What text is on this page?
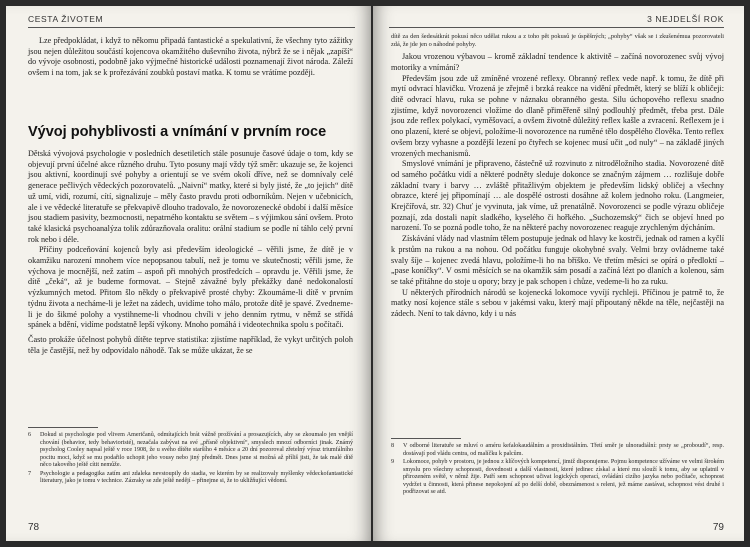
CESTA ŽIVOTEM

Lze předpokládat, i když to někomu připadá fantastické a spekulativní, že všechny tyto zážitky jsou nejen důležitou součástí kojencova okamžitého duševního života, nýbrž že se i nějak „zapíší“ do vývoje osobnosti, podobně jako výjmečné historické události poznamenají život národa. Záleží ovšem i na tom, jak se k prořezávání zoubků postaví matka. K tomu se vrátíme později.

Vývoj pohyblivosti a vnímání v prvním roce

Dětská vývojová psychologie v posledních desetiletích stále posunuje časové údaje o tom, kdy se objevují první účelné akce různého druhu. Tyto posuny mají vždy týž směr: ukazuje se, že kojenci jsou aktivní, koordinují své pohyby a orientují se ve svém okolí dříve, než se domnívaly celé generace pečlivých vědeckých pozorovatelů. „Naivní“ matky, které si byly jisté, že „to jejich“ dítě už umí, vidí, rozumí, cítí, signalizuje – měly často pravdu proti odborníkům. Nejen v učebnicích, ale i ve vědecké literatuře se překvapivě dlouho tradovalo, že novorozenecké období i další měsíce jsou stadiem pasivity, bezmocnosti, nepatrného kontaktu se světem – s výjimkou sání ovšem. Proto také klasická psychoanalýza tolik zdůrazňovala oralitu: orální stadium se podle ní táhlo celý první rok nebo i déle.

Příčiny podceňování kojenců byly asi především ideologické – věřili jsme, že dítě je v okamžiku narození mnohem více nepopsanou tabulí, než je tomu ve skutečnosti; věřili jsme, že výchova je mocnější, než zatím – aspoň při mnohých prostředcích – opravdu je. Věřili jsme, že dítě „čeká“, až je budeme formovat. – Stejně závažné byly překážky dané nedokonalostí výzkumných metod. Přitom šlo někdy o překvapivě prosté chyby: Zkoumáme-li dítě v prvním týdnu života a necháme-li je ležet na zádech, uvidíme toho málo, protože dítě je spavé. Zvedneme-li je do šikmé polohy a vystihneme-li vhodnou chvíli v jeho denním rytmu, v němž se střídá spánek a bdění, vidíme podstatně lepší výkony. Mnoho pomáhá i videotechnika spolu s počítači.

Často prokáže účelnost pohybů dítěte teprve statistika: zjistíme například, že vykyt určitých poloh těla je častější, než by odpovídalo náhodě. Tak se může ukázat, že se

6	Dokud si psychologie pod vlivem Američanů, odmítajících brát vážně prožívání a prosazujících, aby se zkoumalo jen vnější chování (behavior, tedy behavioristé), nezačala zabývat na své „přísně objektivní“, smyslech mnozí odborníci jinak. Známý psycholog Cooley napsal ještě v roce 1908, že u svého dítěte staršího 4 měsíce a 20 dní pozoroval zřetelný výraz triumfálního pocitu moci, když se mu podařilo uchopit jeho vousy nebo jiný předmět. Dnes jsme si možná až příliš jisti, že tak malé dítě něco takového ještě cítit nemůže.
7	Psychologie a pedagogika zatím ani zdaleka nevstoupily do stadia, ve kterém by se realizovaly myšlenky vědeckofantastické literatury, jako je tomu v technice. Zázraky se zde ještě nedějí – přinejme si, že to ukližňující vědomí.
78
3 NEJDELŠÍ ROK

dítě za den šedesátkrát pokusí něco udělat rukou a z toho pět pokusů je úspěšných; „pohyby“ však se i zkušenémua pozorovateli zdá, že jde jen o náhodné pohyby.

Jakou vrozenou výbavou – kromě základní tendence k aktivitě – začíná novorozenec svůj vývoj motoriky a vnímání?

Především jsou zde už zmíněné vrozené reflexy. Obranný reflex vede např. k tomu, že dítě při mytí odvrací hlavičku. Vrozená je zřejmě i brzká reakce na vidění předmět, který se blíží k obličeji: dítě odvrací hlavu, ruka se pohne v náznaku obranného gesta. Silu úchopového reflexu snadno zjistíme, když novorozenci vložíme do dlaně přiměřeně silný podlouhlý předmět, třeba prst. Dále jsou zde reflex polykací, vyměšovací, a ovšem životně důležitý reflex kašle a zvracení. Reflexem je i ono plazení, které se objeví, položíme-li novorozence na ruměné tělo dospělého člověka. Tento reflex ovšem brzy vyhasne a pozdější lezení po čtyřech se kojenec musí učit „od nuly“ – na základě jiných vrozených mechanismů.

Smyslové vnímání je připraveno, částečně už rozvinuto z nitroděložního stadia. Novorozené dítě od samého počátku vidí a některé podněty sleduje dokonce se značným zájmem … rozlišuje dobře základní tvary i barvy … zvláště přitažlivým objektem je především lidský obličej a všechny obrazce, které jej připomínají … ale dospělé ostrosti dosáhne až kolem jednoho roku. (Langmeier, Krejčířová, str. 32) Chuť je vyvinuta, jak víme, už prenatálně. Novorozenci se podle výrazu obličeje poznají, zda dostali napít sladkého, kyselého či hořkého. „Suchozemský“ čich se objeví hned po narození. To se pozná podle toho, že na některé pachy novorozenec reaguje zrychleným dýcháním.

Získávání vlády nad vlastním tělem postupuje jednak od hlavy ke kostrči, jednak od ramen a kyčlí k prstům na rukou a na nohou. Od počátku funguje okohybné svaly. Velmi brzy ovládneme také svaly šíje – kojenec zvedá hlavu, položíme-li ho na bříško. Ve třetím měsíci se opírá o předloktí – „pase koníčky“. V osmi měsících se na okamžik sám posadí a začíná lézt po dlaních a kolenou, sám se také přitáhne do stoje u opory; brzy je pak schopen i chůze, vedeme-li ho za ruku.

U některých přírodních národů se kojenecká lokomoce vyvíjí rychleji. Příčinou je patrně to, že matky nosí kojence stále s sebou v jakémsi vaku, který mají připoutaný někde na těle, nejčastěji na zádech. Není to tak dávno, kdy i u nás

8	V odborné literatuře se mluví o améru kefalokaudálním a proxidistálním. Třetí směr je ulnoradiální: prsty se „proboudí“, resp. dostávají pod vládu centra, od malíčku k palcům.
9	Lokomoce, pohyb v prostoru, je jednou z klíčových kompetencí, jimiž disponujeme. Pojmu kompetence užíváme ve velmi širokém smyslu pro všechny schopnosti, dovednosti a další vlastnosti, které jedinec získal a které mu slouží k tomu, aby se uplatnil v přirozeném světě, v němž žije. Patří sem schopnost učivat logických operací, ovládání cizího jazyka nebo počítače, schopnost vydržet u činnosti, která přinese nepokojení až po delší době, obeznámenost s releni, jež máme zastávat, schopnost vést druhé i podřizovat se atd.
79
